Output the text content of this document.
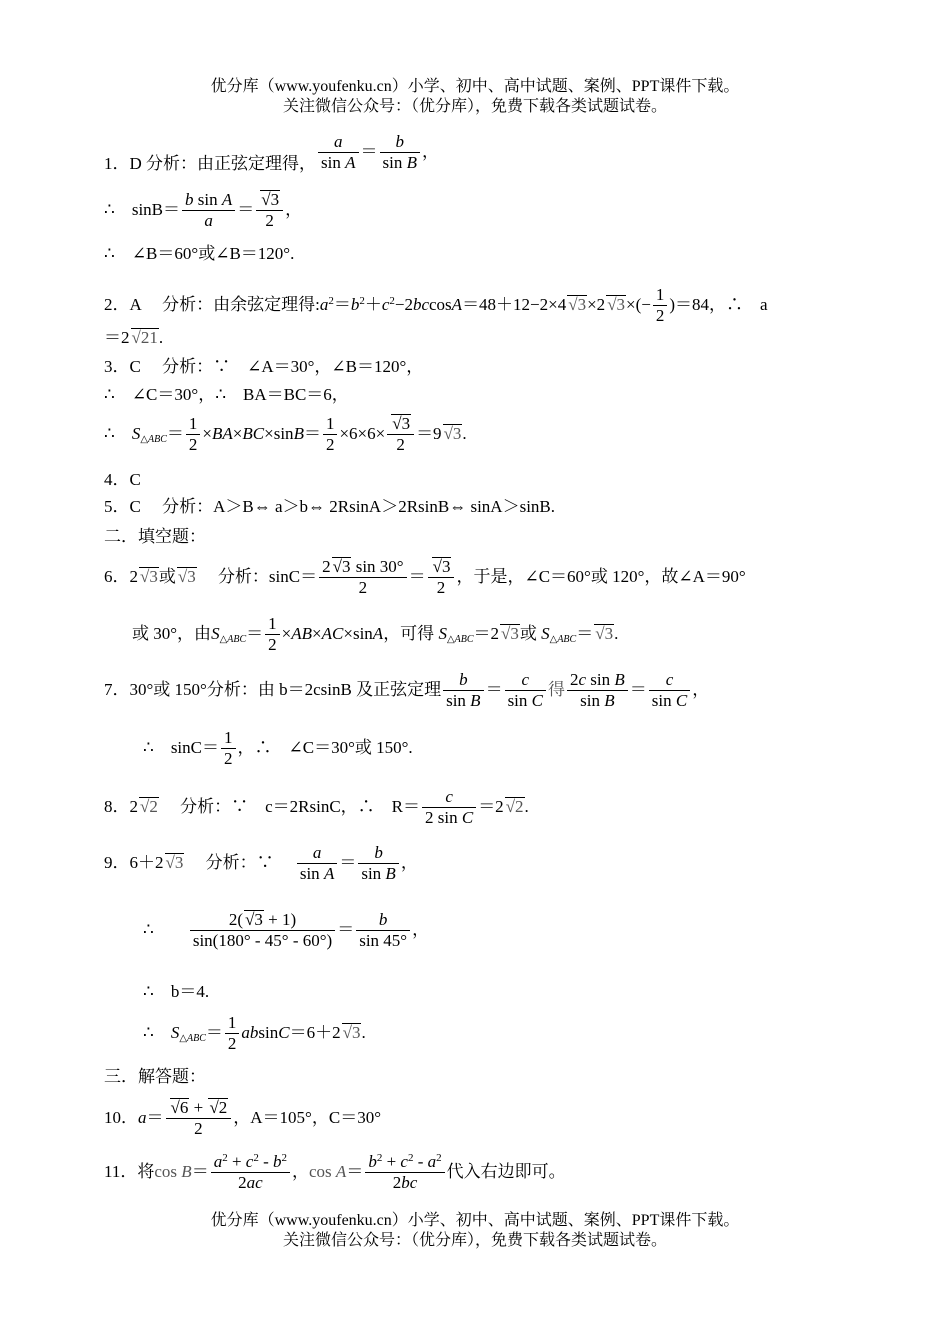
优分库（www.youfenku.cn）小学、初中、高中试题、案例、PPT课件下载。
关注微信公众号：（优分库），免费下载各类试题试卷。
1．D 分析：由正弦定理得， $\frac{a}{\text{sin A}} = \frac{b}{\text{sin B}}$ ，
∴　 $\sin B= \frac{\text{b sin A}}{a}$ ＝
√ $\frac{3}{2}$ ，
∴　∠B＝60°或∠B＝120°.
2．A　 分析：由余弦定理得$:a^2=b^2+c^2-2bccosA=48+12-2\times 4√$ 3×2√ $3\times(- \frac{1}{2} )=84$，∴　a
＝2√ 21.
3．C　 分析：∵　∠A＝30°，∠B＝120°，
∴　∠C＝30°，∴　BA＝BC＝6，
∴　 $S_{\triangle ABC}= \frac{1}{2} \times BA\times BC\times\sin B= \frac{1}{2} \times 6\times 6\times$
√ $\frac{3}{2} =9√$ 3.
4．C
5．C　 分析：A＞B⇔ a＞b⇔ 2RsinA＞2RsinB⇔ sinA＞sinB.
二．填空题：
6．2√ 3或√ 3　 分析：$\sin C= \frac{2√ 3 \sin 30^\circ}{2}$ ＝
√ $\frac{3}{2}$ ，于是，∠C＝60°或 120°，故∠A＝90°
或 30°，由$S_{\triangle ABC}= \frac{1}{2} \times AB\times AC\times\sin A$，可得 $S_{\triangle ABC}=2√$ 3或 $S_{\triangle ABC}=√$ 3.
7．30°或 150°分析：由 b＝2csinB 及正弦定理 $\frac{b}{\text{sin B}} = \frac{c}{\text{sin C}}$ 得 $\frac{\text{2c sin B}}{\text{sin B}} = \frac{c}{\text{sin C}}$ ，
∴　$\sin C= \frac{1}{2}$ ，∴　∠C＝30°或 150°.
8．2√ 2　 分析：∵　c＝2RsinC，∴　$R= \frac{c}{\text{2 sin C}} =2√$ 2.
9．6＋2√ 3　 分析：∵　 $\frac{a}{\text{sin A}} = \frac{b}{\text{sin B}}$ ，
∴　　 $\frac{2(√ 3 + 1)}{\sin(180^\circ - 45^\circ - 60^\circ)} = \frac{b}{\sin 45^\circ}$ ，
∴　b＝4.
∴　 $S_{\triangle ABC}= \frac{1}{2} absinC=6+2√$ 3.
三．解答题：
10．a＝
√ $\frac{6 + √ 2}{2}$ ，A＝105°，C＝30°
11．将$\cos B= \frac{a^2 + c^2 - b^2}{2ac}$ ，$\cos A= \frac{b^2 + c^2 - a^2}{2bc}$ 代入右边即可。
优分库（www.youfenku.cn）小学、初中、高中试题、案例、PPT课件下载。
关注微信公众号：（优分库），免费下载各类试题试卷。
